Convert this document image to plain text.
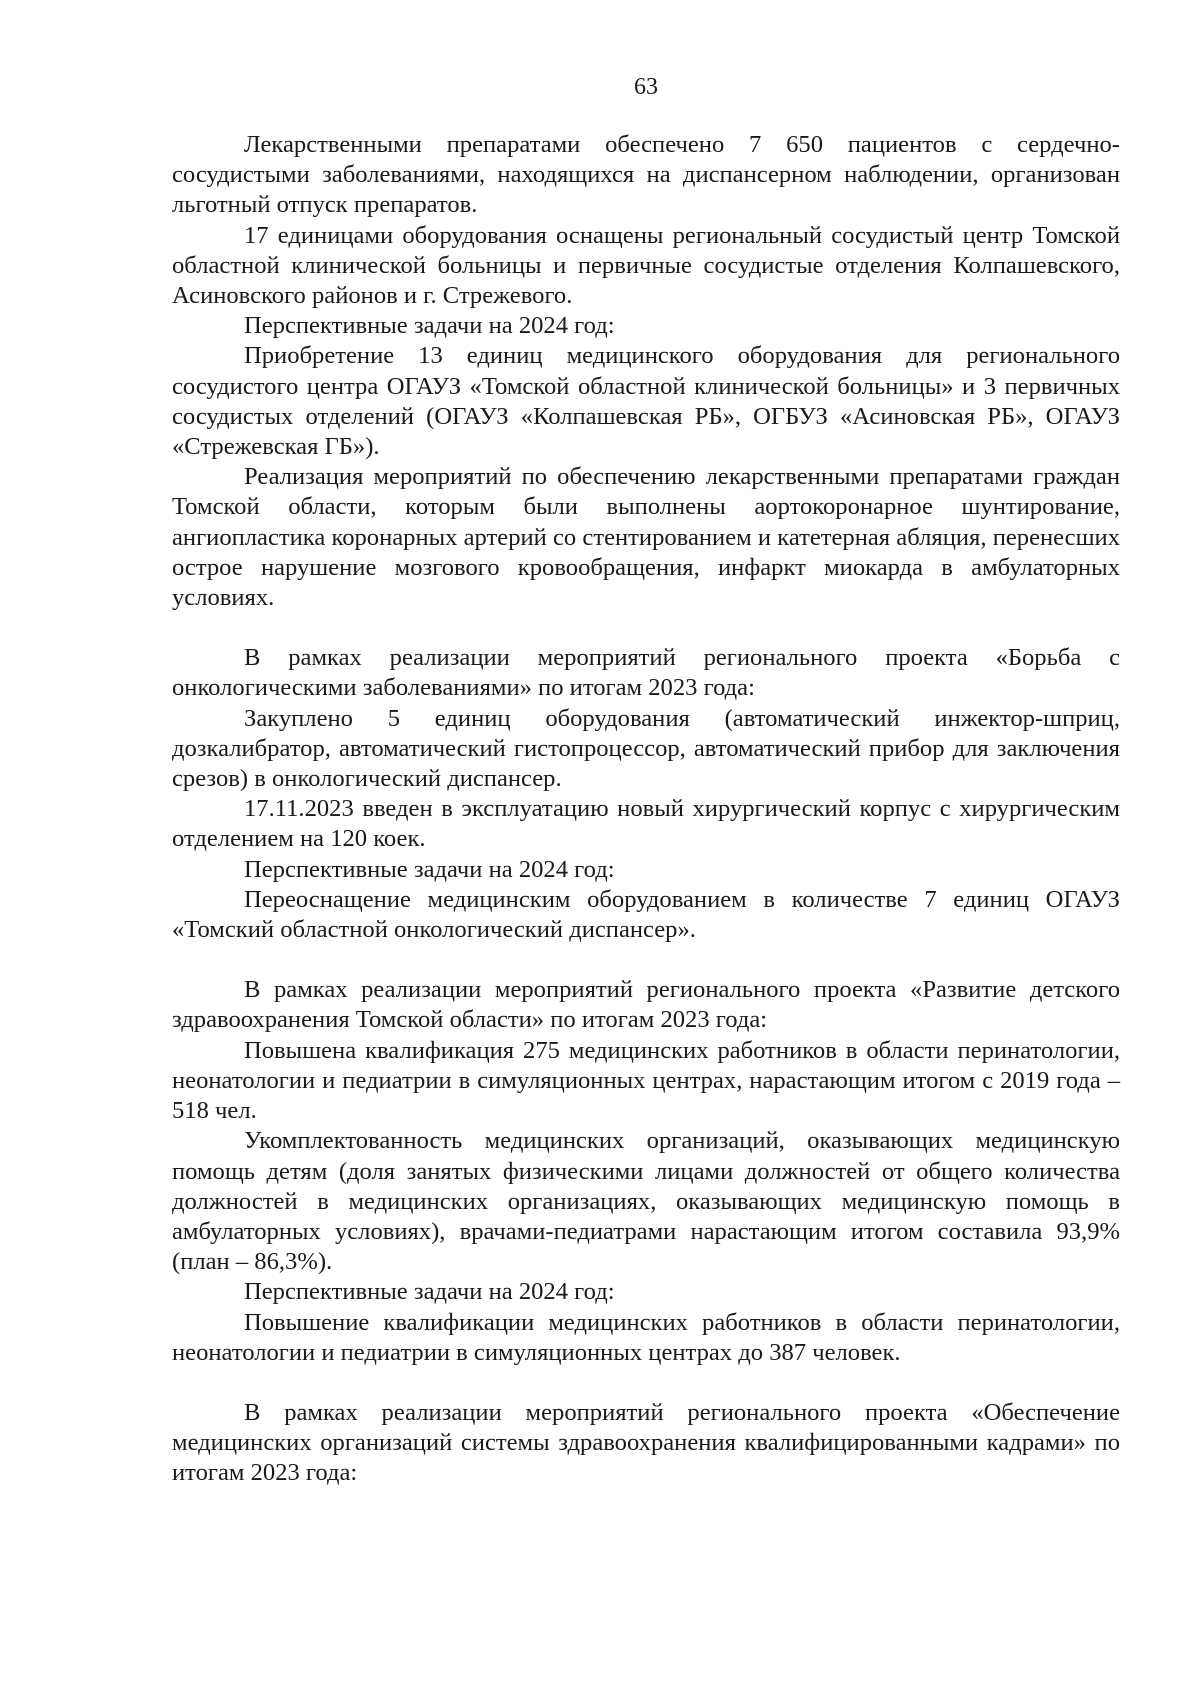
63

Лекарственными препаратами обеспечено 7 650 пациентов с сердечно-сосудистыми заболеваниями, находящихся на диспансерном наблюдении, организован льготный отпуск препаратов.

17 единицами оборудования оснащены региональный сосудистый центр Томской областной клинической больницы и первичные сосудистые отделения Колпашевского, Асиновского районов и г. Стрежевого.

Перспективные задачи на 2024 год:

Приобретение 13 единиц медицинского оборудования для регионального сосудистого центра ОГАУЗ «Томской областной клинической больницы» и 3 первичных сосудистых отделений (ОГАУЗ «Колпашевская РБ», ОГБУЗ «Асиновская РБ», ОГАУЗ «Стрежевская ГБ»).

Реализация мероприятий по обеспечению лекарственными препаратами граждан Томской области, которым были выполнены аортокоронарное шунтирование, ангиопластика коронарных артерий со стентированием и катетерная абляция, перенесших острое нарушение мозгового кровообращения, инфаркт миокарда в амбулаторных условиях.

В рамках реализации мероприятий регионального проекта «Борьба с онкологическими заболеваниями» по итогам 2023 года:

Закуплено 5 единиц оборудования (автоматический инжектор-шприц, дозкалибратор, автоматический гистопроцессор, автоматический прибор для заключения срезов) в онкологический диспансер.

17.11.2023 введен в эксплуатацию новый хирургический корпус с хирургическим отделением на 120 коек.

Перспективные задачи на 2024 год:

Переоснащение медицинским оборудованием в количестве 7 единиц ОГАУЗ «Томский областной онкологический диспансер».

В рамках реализации мероприятий регионального проекта «Развитие детского здравоохранения Томской области» по итогам 2023 года:

Повышена квалификация 275 медицинских работников в области перинатологии, неонатологии и педиатрии в симуляционных центрах, нарастающим итогом с 2019 года – 518 чел.

Укомплектованность медицинских организаций, оказывающих медицинскую помощь детям (доля занятых физическими лицами должностей от общего количества должностей в медицинских организациях, оказывающих медицинскую помощь в амбулаторных условиях), врачами-педиатрами нарастающим итогом составила 93,9% (план – 86,3%).

Перспективные задачи на 2024 год:

Повышение квалификации медицинских работников в области перинатологии, неонатологии и педиатрии в симуляционных центрах до 387 человек.

В рамках реализации мероприятий регионального проекта «Обеспечение медицинских организаций системы здравоохранения квалифицированными кадрами» по итогам 2023 года:
